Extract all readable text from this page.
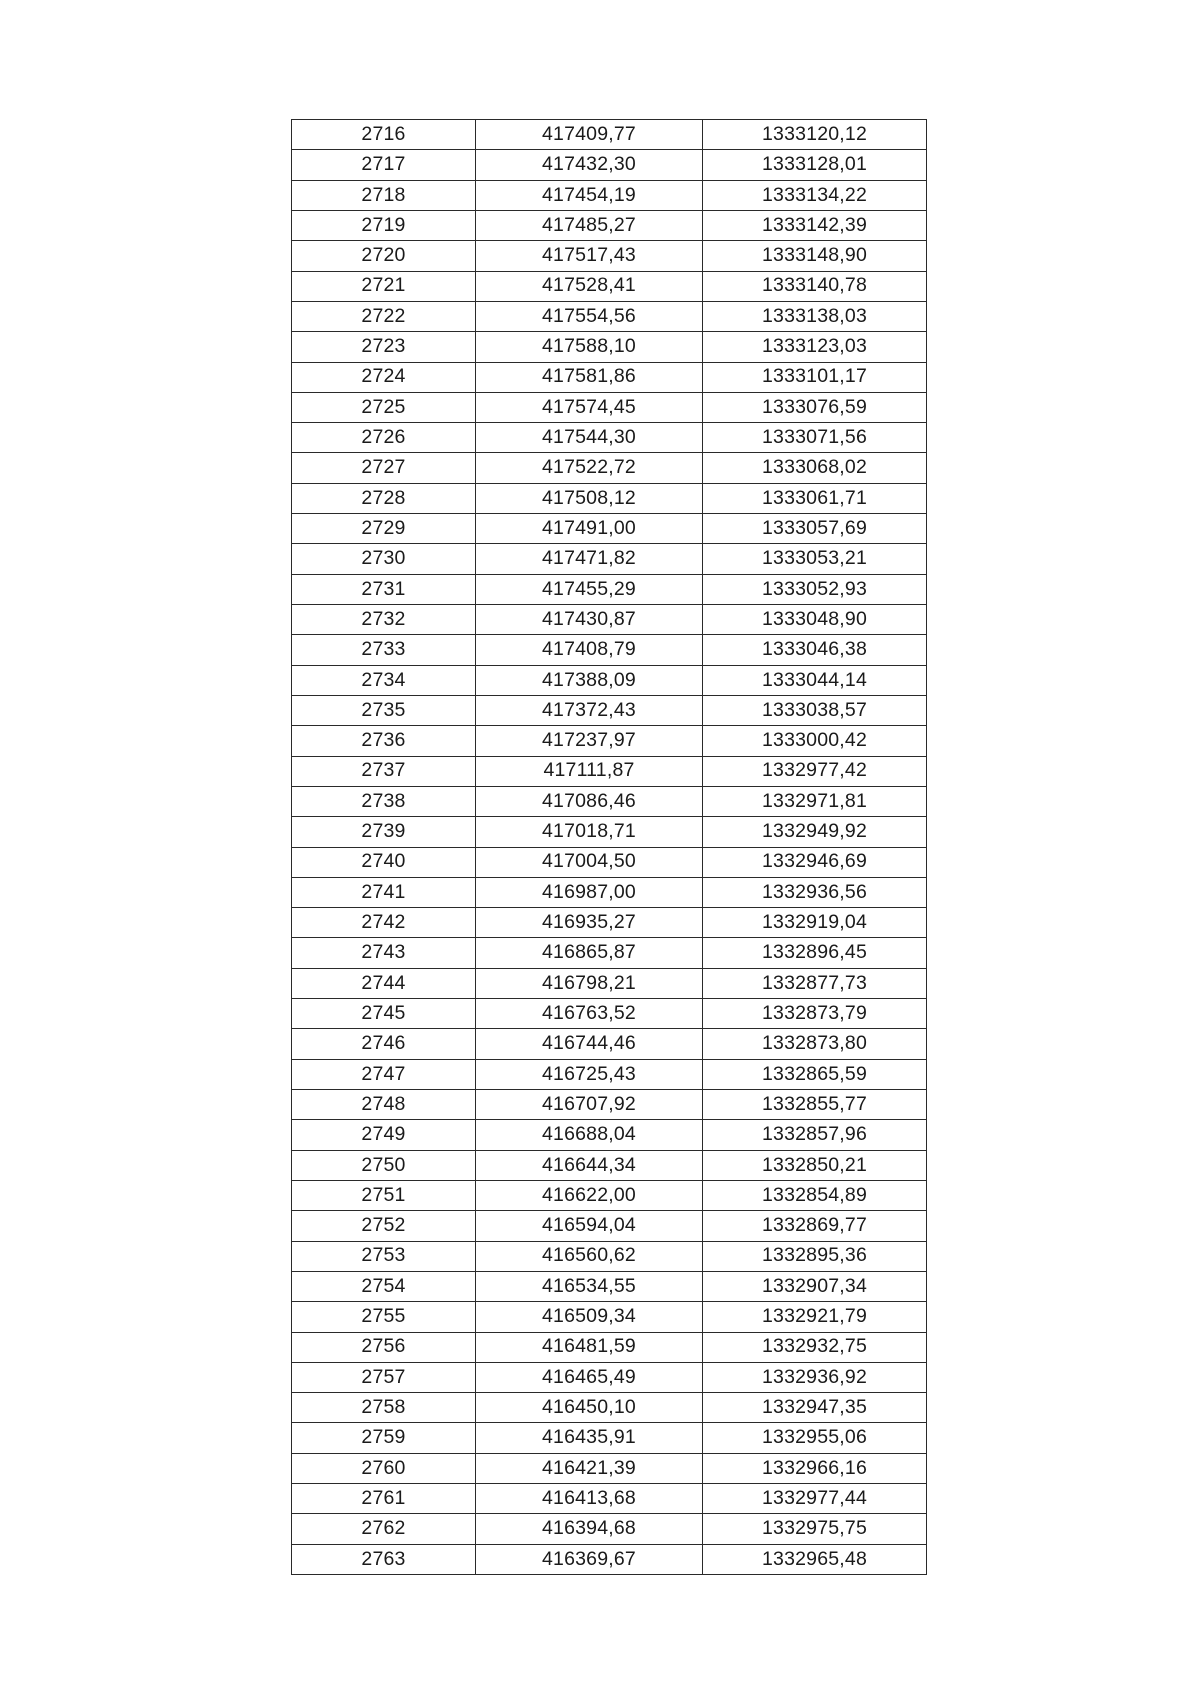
2716	417409,77	1333120,12
2717	417432,30	1333128,01
2718	417454,19	1333134,22
2719	417485,27	1333142,39
2720	417517,43	1333148,90
2721	417528,41	1333140,78
2722	417554,56	1333138,03
2723	417588,10	1333123,03
2724	417581,86	1333101,17
2725	417574,45	1333076,59
2726	417544,30	1333071,56
2727	417522,72	1333068,02
2728	417508,12	1333061,71
2729	417491,00	1333057,69
2730	417471,82	1333053,21
2731	417455,29	1333052,93
2732	417430,87	1333048,90
2733	417408,79	1333046,38
2734	417388,09	1333044,14
2735	417372,43	1333038,57
2736	417237,97	1333000,42
2737	417111,87	1332977,42
2738	417086,46	1332971,81
2739	417018,71	1332949,92
2740	417004,50	1332946,69
2741	416987,00	1332936,56
2742	416935,27	1332919,04
2743	416865,87	1332896,45
2744	416798,21	1332877,73
2745	416763,52	1332873,79
2746	416744,46	1332873,80
2747	416725,43	1332865,59
2748	416707,92	1332855,77
2749	416688,04	1332857,96
2750	416644,34	1332850,21
2751	416622,00	1332854,89
2752	416594,04	1332869,77
2753	416560,62	1332895,36
2754	416534,55	1332907,34
2755	416509,34	1332921,79
2756	416481,59	1332932,75
2757	416465,49	1332936,92
2758	416450,10	1332947,35
2759	416435,91	1332955,06
2760	416421,39	1332966,16
2761	416413,68	1332977,44
2762	416394,68	1332975,75
2763	416369,67	1332965,48
